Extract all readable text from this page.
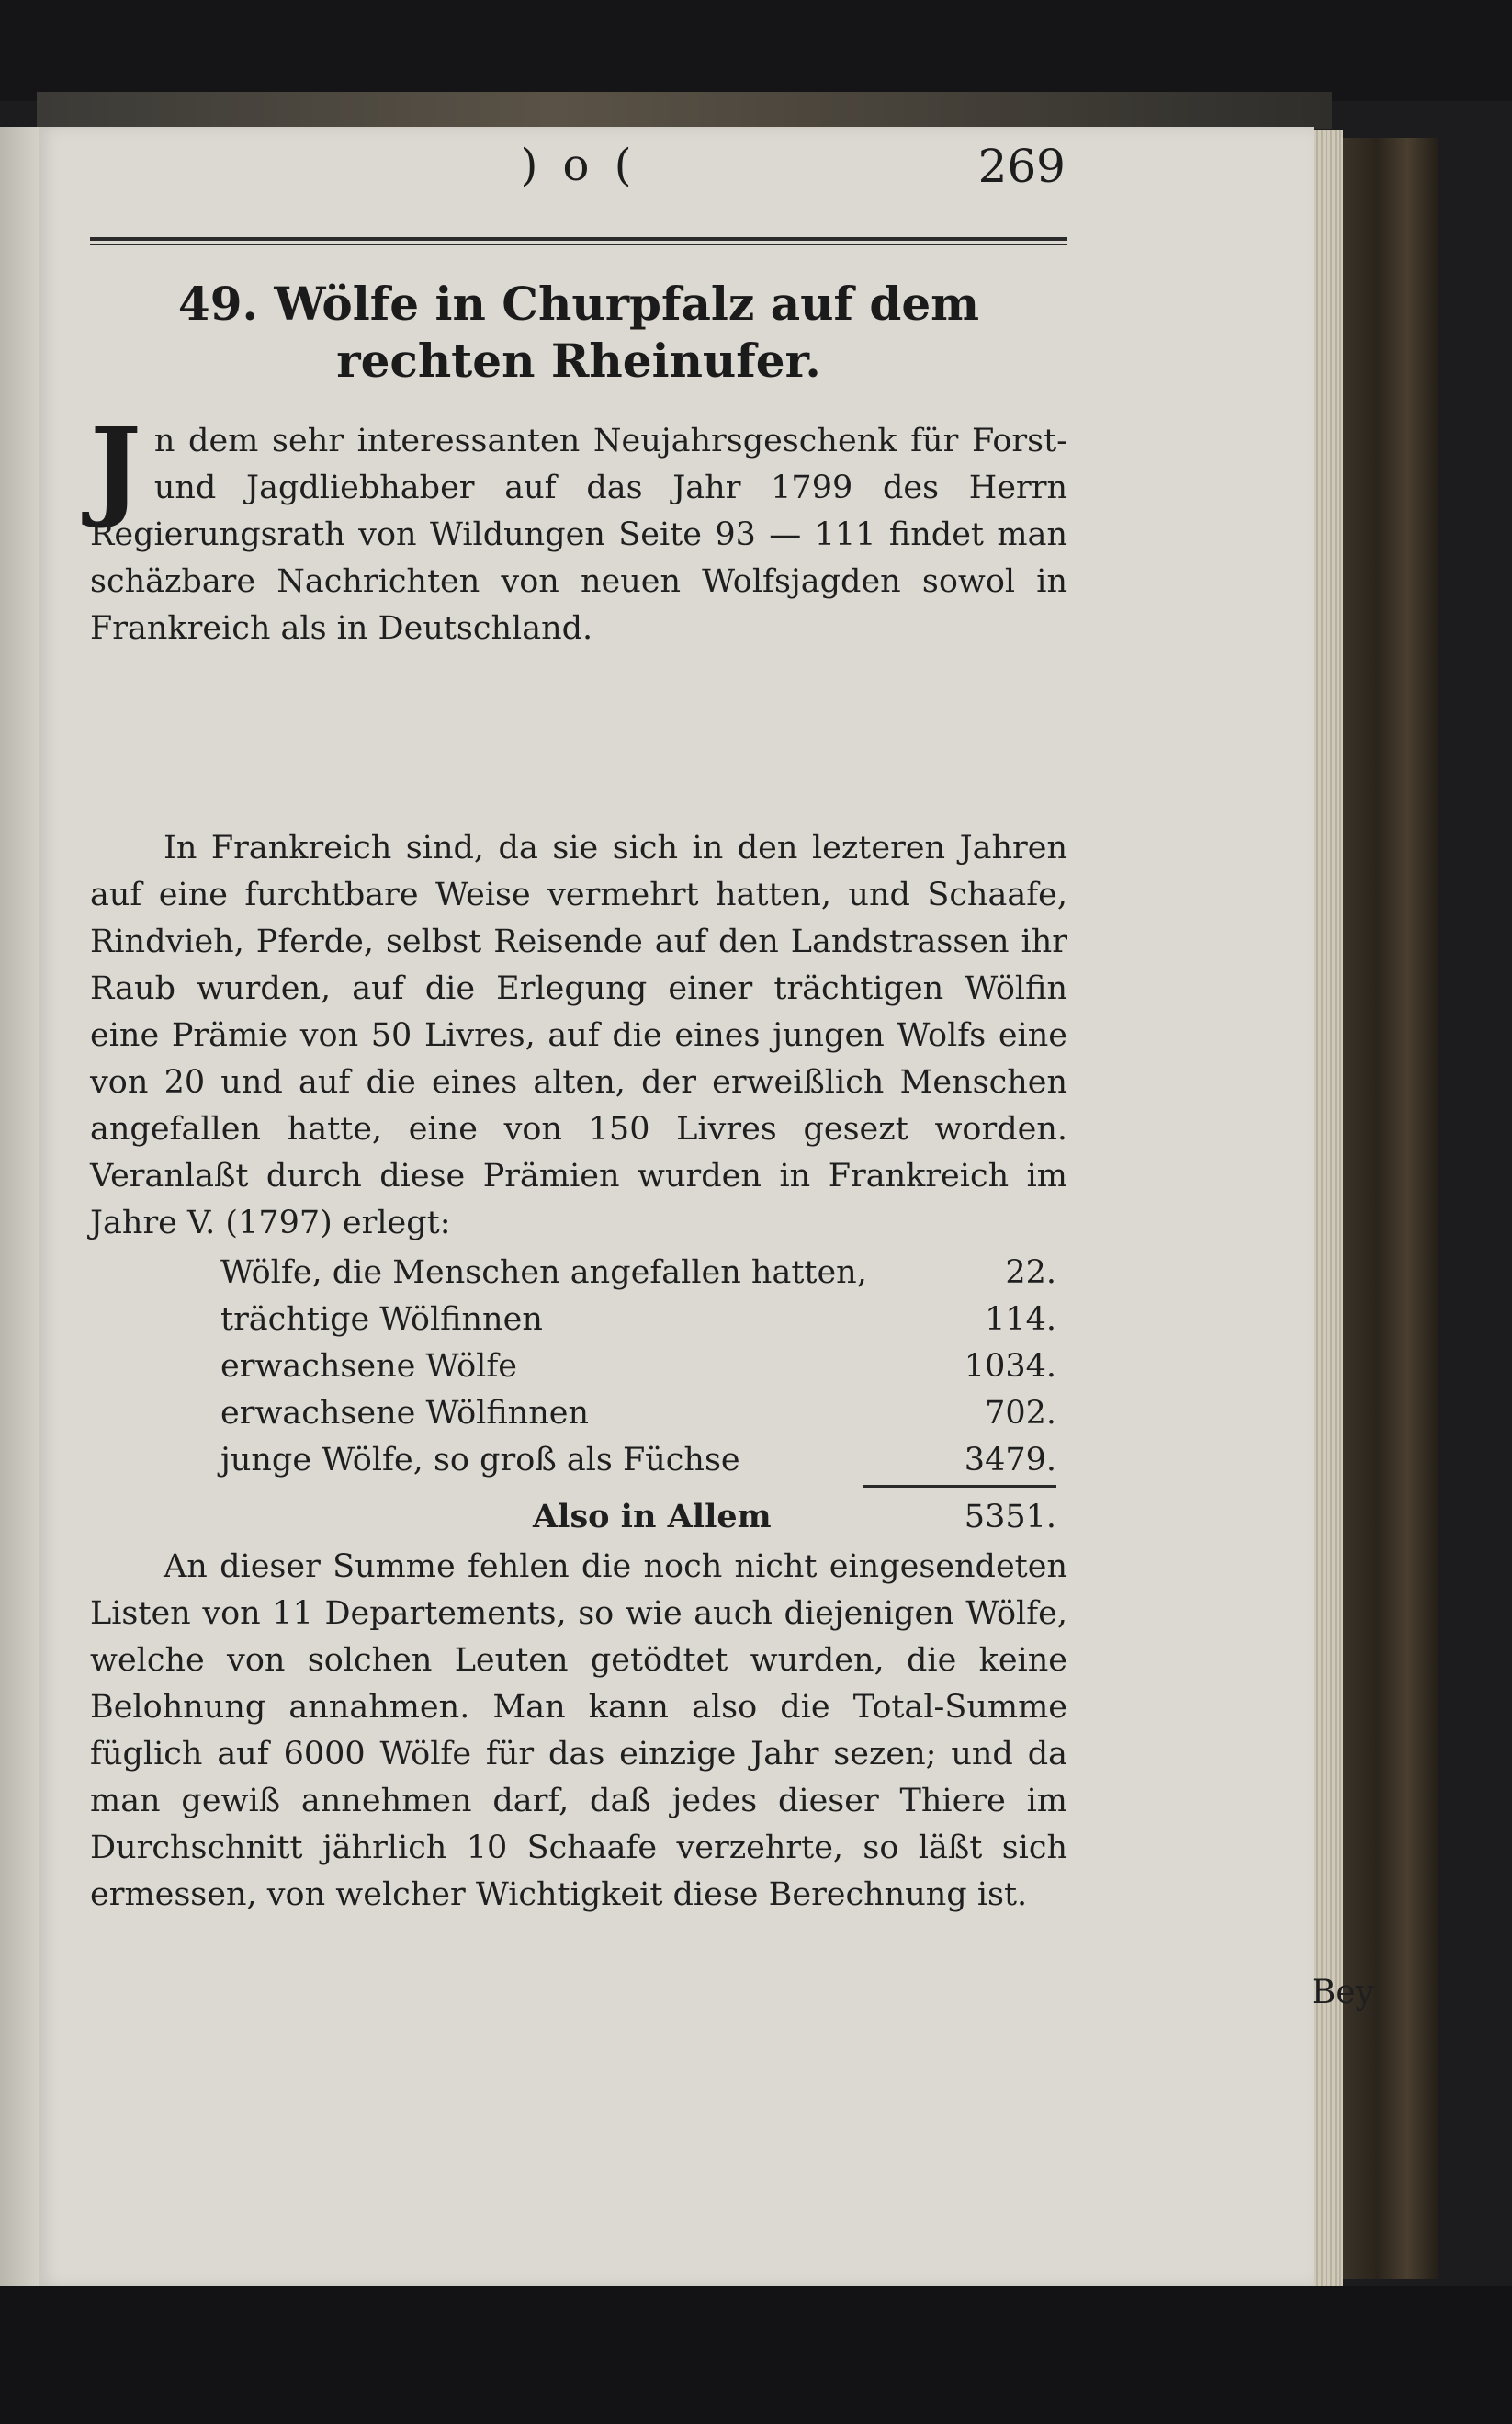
) o (	269
49. Wölfe in Churpfalz auf dem rechten Rheinufer.
Jn dem sehr interessanten Neujahrsgeschenk für Forst- und Jagdliebhaber auf das Jahr 1799 des Herrn Regierungsrath von Wildungen Seite 93 — 111 findet man schäzbare Nachrichten von neuen Wolfsjagden sowol in Frankreich als in Deutschland.
In Frankreich sind, da sie sich in den lezteren Jahren auf eine furchtbare Weise vermehrt hatten, und Schaafe, Rindvieh, Pferde, selbst Reisende auf den Landstrassen ihr Raub wurden, auf die Erlegung einer trächtigen Wölfin eine Prämie von 50 Livres, auf die eines jungen Wolfs eine von 20 und auf die eines alten, der erweißlich Menschen angefallen hatte, eine von 150 Livres gesezt worden. Veranlaßt durch diese Prämien wurden in Frankreich im Jahre V. (1797) erlegt:
Wölfe, die Menschen angefallen hatten,	22.
trächtige Wölfinnen	114.
erwachsene Wölfe	1034.
erwachsene Wölfinnen	702.
junge Wölfe, so groß als Füchse	3479.
Also in Allem	5351.
An dieser Summe fehlen die noch nicht eingesendeten Listen von 11 Departements, so wie auch diejenigen Wölfe, welche von solchen Leuten getödtet wurden, die keine Belohnung annahmen. Man kann also die Total-Summe füglich auf 6000 Wölfe für das einzige Jahr sezen; und da man gewiß annehmen darf, daß jedes dieser Thiere im Durchschnitt jährlich 10 Schaafe verzehrte, so läßt sich ermessen, von welcher Wichtigkeit diese Berechnung ist.
Bey
